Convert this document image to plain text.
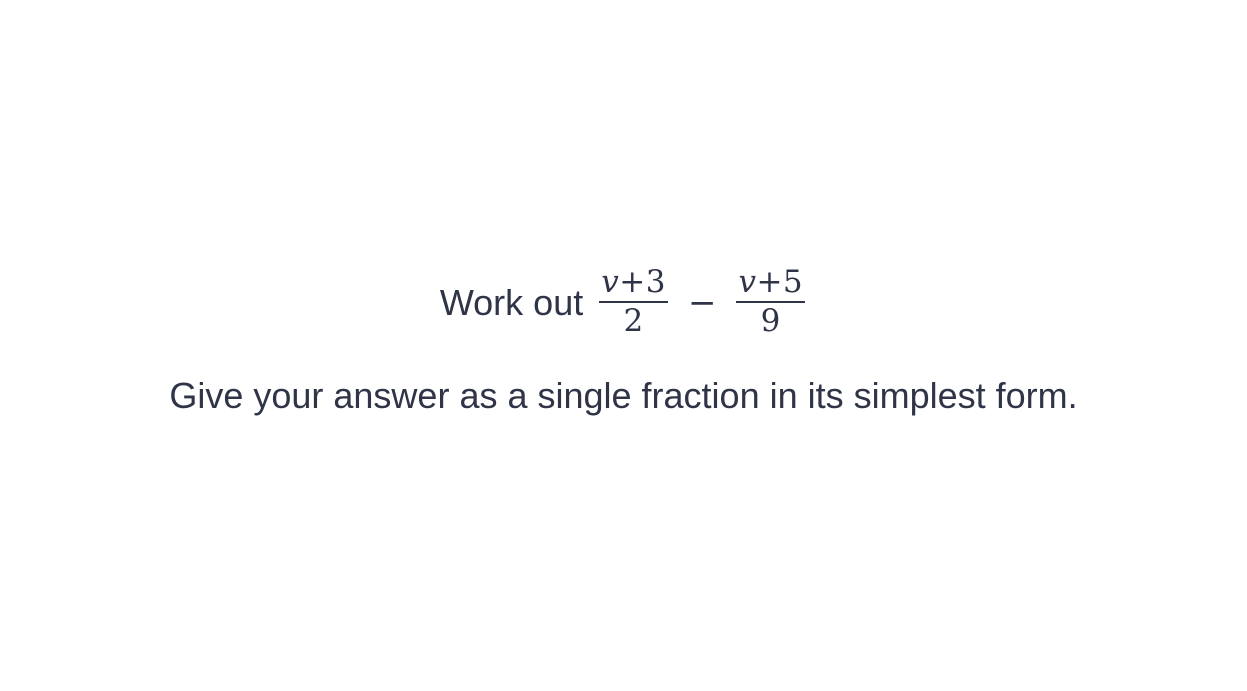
Work out $\frac{v+3}{2} - \frac{v+5}{9}$
Give your answer as a single fraction in its simplest form.
